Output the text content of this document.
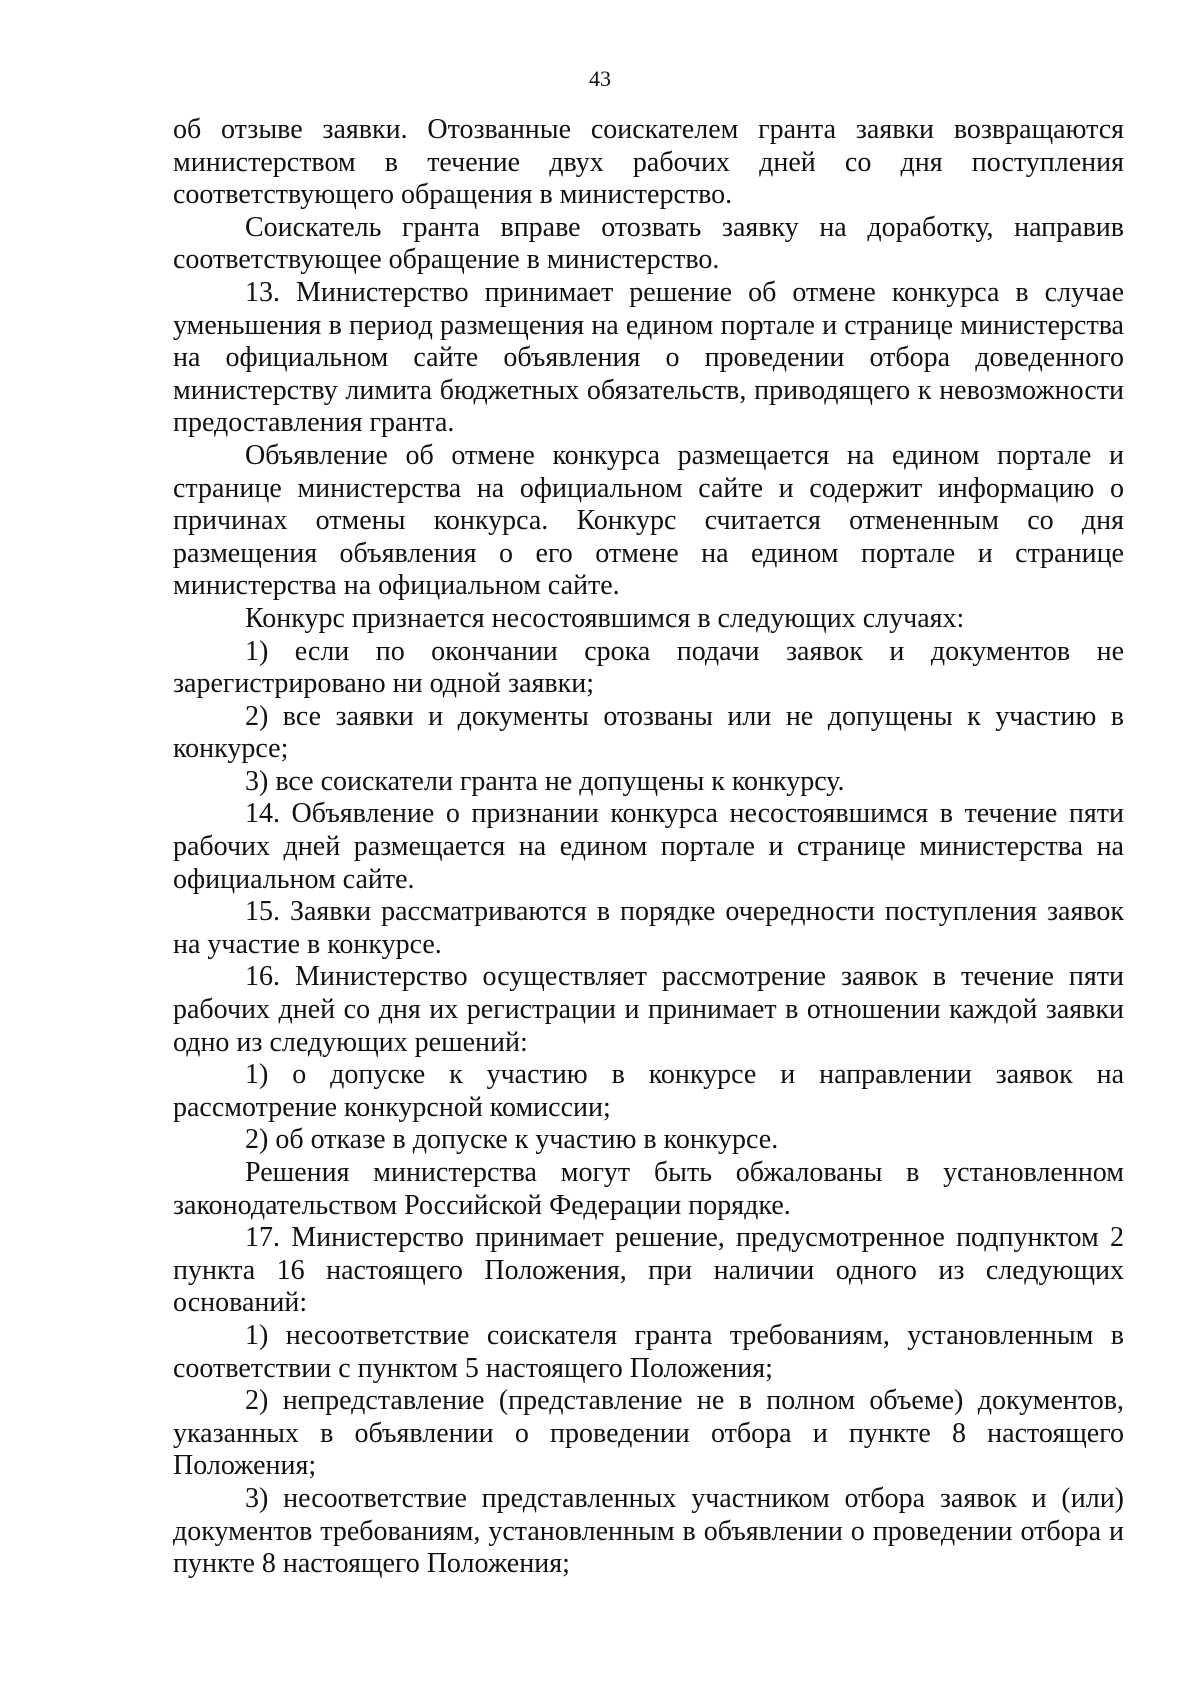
43

об отзыве заявки. Отозванные соискателем гранта заявки возвращаются министерством в течение двух рабочих дней со дня поступления соответствующего обращения в министерство.

Соискатель гранта вправе отозвать заявку на доработку, направив соответствующее обращение в министерство.

13. Министерство принимает решение об отмене конкурса в случае уменьшения в период размещения на едином портале и странице министерства на официальном сайте объявления о проведении отбора доведенного министерству лимита бюджетных обязательств, приводящего к невозможности предоставления гранта.

Объявление об отмене конкурса размещается на едином портале и странице министерства на официальном сайте и содержит информацию о причинах отмены конкурса. Конкурс считается отмененным со дня размещения объявления о его отмене на едином портале и странице министерства на официальном сайте.

Конкурс признается несостоявшимся в следующих случаях:

1) если по окончании срока подачи заявок и документов не зарегистрировано ни одной заявки;

2) все заявки и документы отозваны или не допущены к участию в конкурсе;

3) все соискатели гранта не допущены к конкурсу.

14. Объявление о признании конкурса несостоявшимся в течение пяти рабочих дней размещается на едином портале и странице министерства на официальном сайте.

15. Заявки рассматриваются в порядке очередности поступления заявок на участие в конкурсе.

16. Министерство осуществляет рассмотрение заявок в течение пяти рабочих дней со дня их регистрации и принимает в отношении каждой заявки одно из следующих решений:

1) о допуске к участию в конкурсе и направлении заявок на рассмотрение конкурсной комиссии;

2) об отказе в допуске к участию в конкурсе.

Решения министерства могут быть обжалованы в установленном законодательством Российской Федерации порядке.

17. Министерство принимает решение, предусмотренное подпунктом 2 пункта 16 настоящего Положения, при наличии одного из следующих оснований:

1) несоответствие соискателя гранта требованиям, установленным в соответствии с пунктом 5 настоящего Положения;

2) непредставление (представление не в полном объеме) документов, указанных в объявлении о проведении отбора и пункте 8 настоящего Положения;

3) несоответствие представленных участником отбора заявок и (или) документов требованиям, установленным в объявлении о проведении отбора и пункте 8 настоящего Положения;
